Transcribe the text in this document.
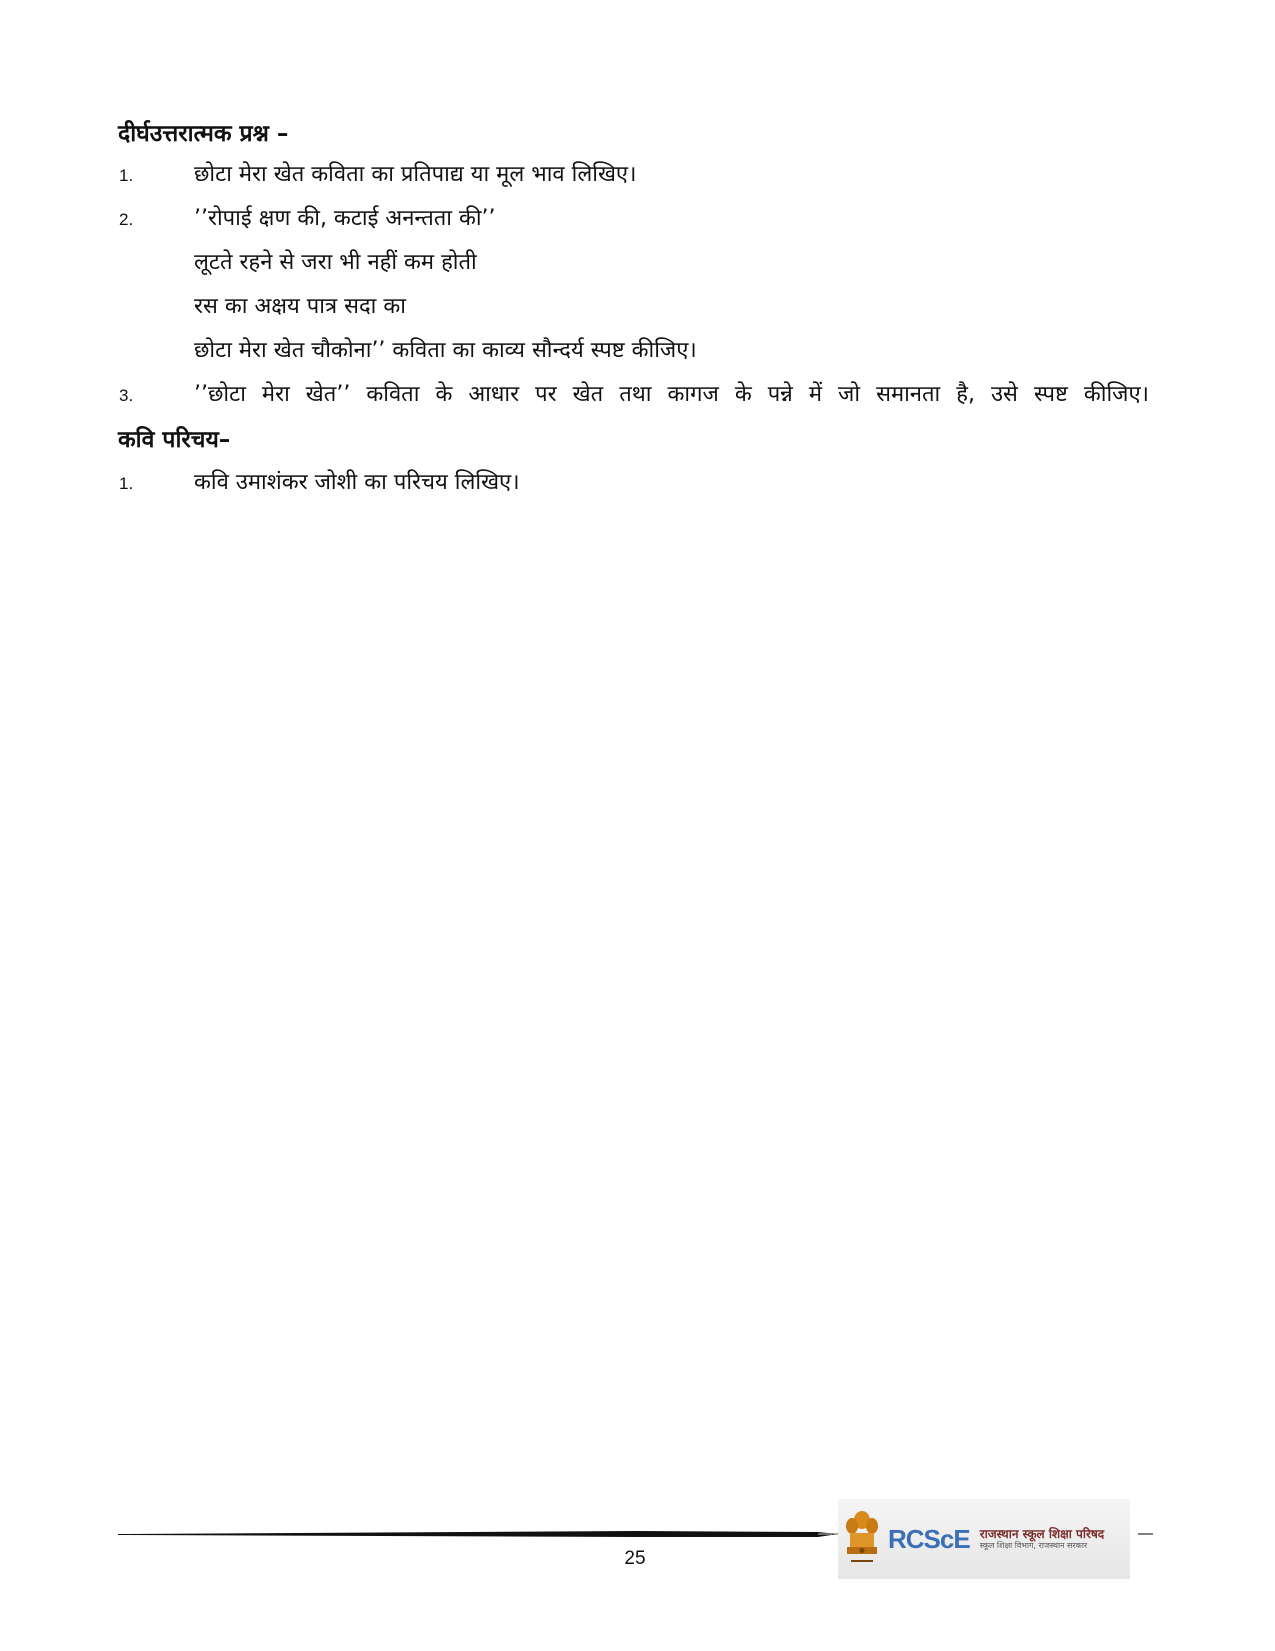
दीर्घउत्तरात्मक प्रश्न –
1.	छोटा मेरा खेत कविता का प्रतिपाद्य या मूल भाव लिखिए।
2.	’’रोपाई क्षण की, कटाई अनन्तता की’’
लूटते रहने से जरा भी नहीं कम होती
रस का अक्षय पात्र सदा का
छोटा मेरा खेत चौकोना’’ कविता का काव्य सौन्दर्य स्पष्ट कीजिए।
3.	’’छोटा मेरा खेत’’ कविता के आधार पर खेत तथा कागज के पन्ने में जो समानता है, उसे स्पष्ट कीजिए।
कवि परिचय–
1.	कवि उमाशंकर जोशी का परिचय लिखिए।
25
RCScE राजस्थान स्कूल शिक्षा परिषद
स्कूल शिक्षा विभाग, राजस्थान सरकार
